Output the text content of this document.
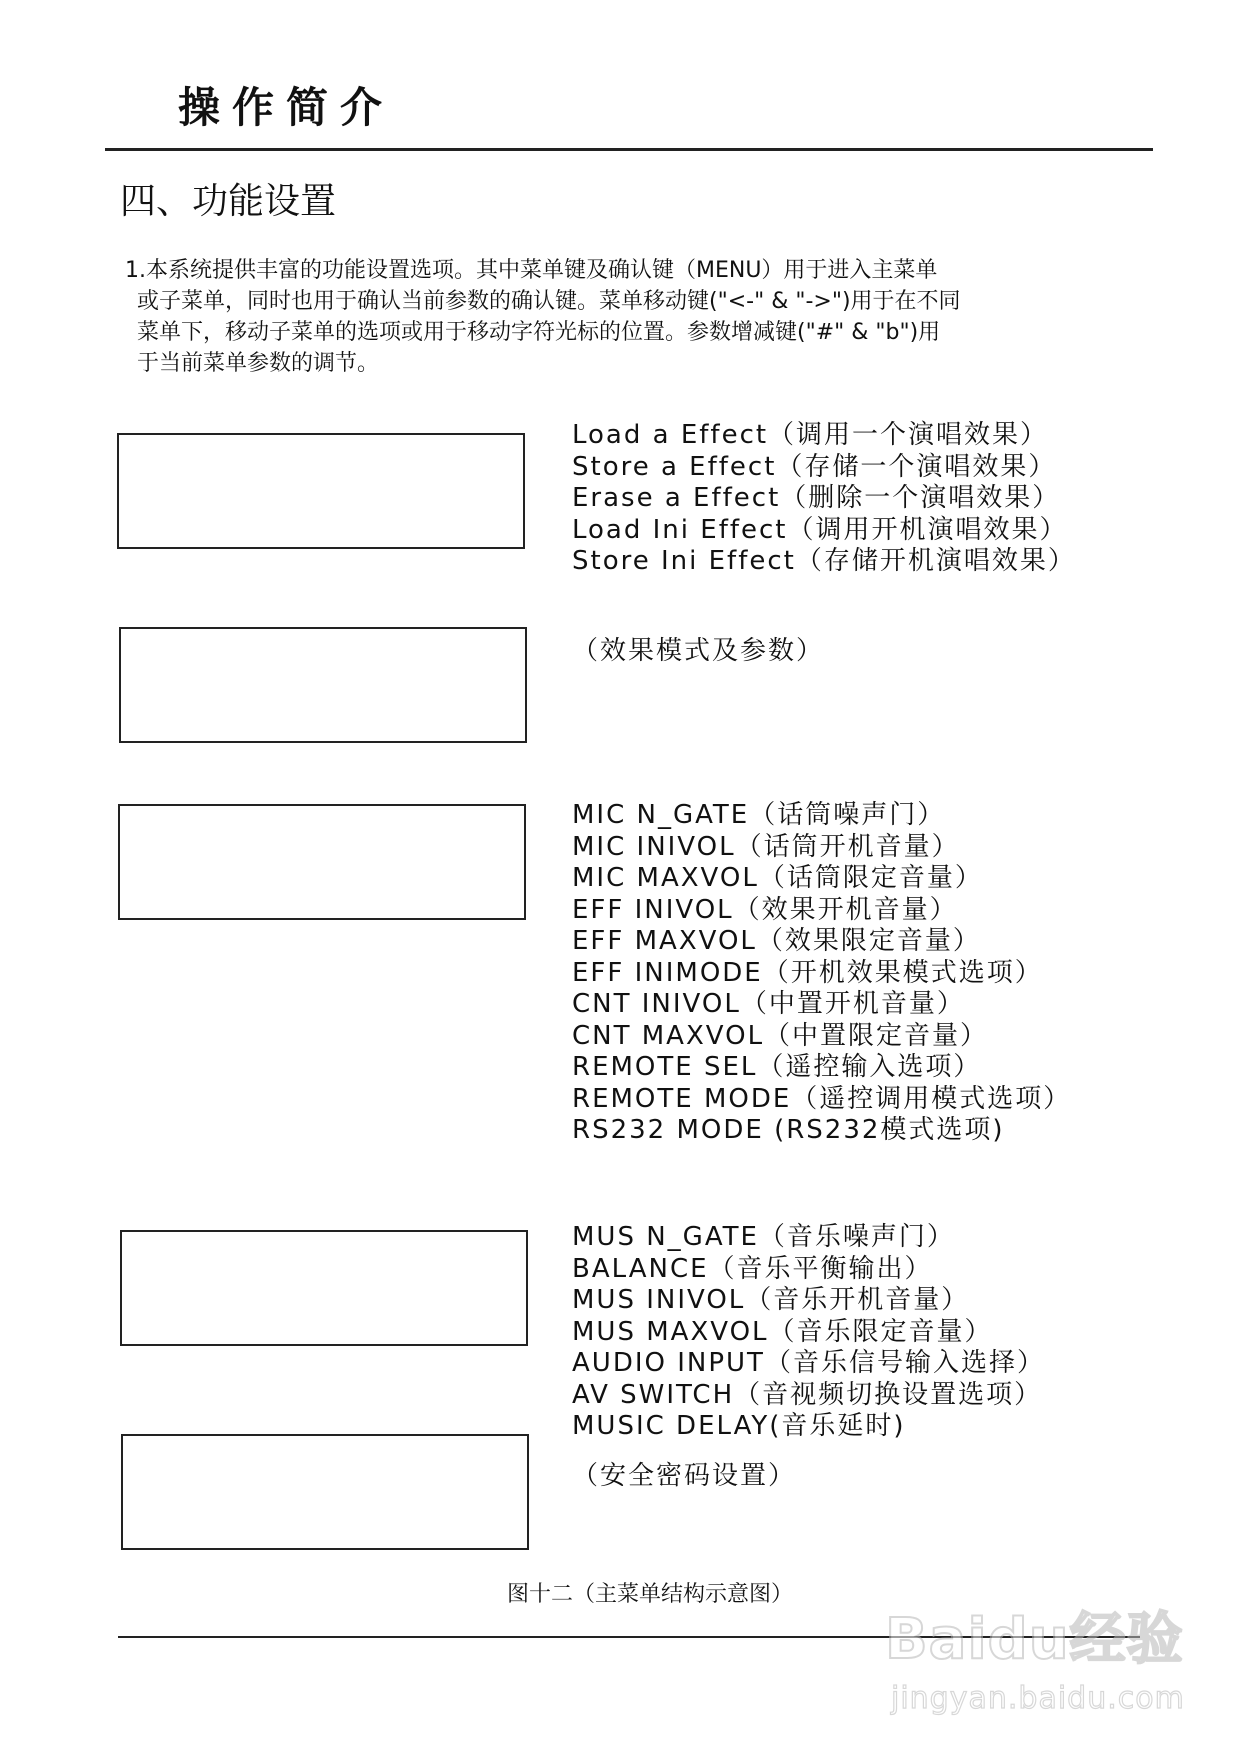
操作简介
四、功能设置
1.本系统提供丰富的功能设置选项。其中菜单键及确认键（MENU）用于进入主菜单
或子菜单，同时也用于确认当前参数的确认键。菜单移动键("<-" & "->")用于在不同
菜单下，移动子菜单的选项或用于移动字符光标的位置。参数增减键("#" & "b")用
于当前菜单参数的调节。
Load a Effect（调用一个演唱效果）
Store a Effect（存储一个演唱效果）
Erase a Effect（删除一个演唱效果）
Load Ini Effect（调用开机演唱效果）
Store Ini Effect（存储开机演唱效果）
（效果模式及参数）
MIC N_GATE（话筒噪声门）
MIC INIVOL（话筒开机音量）
MIC MAXVOL（话筒限定音量）
EFF INIVOL（效果开机音量）
EFF MAXVOL（效果限定音量）
EFF INIMODE（开机效果模式选项）
CNT INIVOL（中置开机音量）
CNT MAXVOL（中置限定音量）
REMOTE SEL（遥控输入选项）
REMOTE MODE（遥控调用模式选项）
RS232 MODE (RS232模式选项)
MUS N_GATE（音乐噪声门）
BALANCE（音乐平衡输出）
MUS INIVOL（音乐开机音量）
MUS MAXVOL（音乐限定音量）
AUDIO INPUT（音乐信号输入选择）
AV SWITCH（音视频切换设置选项）
MUSIC DELAY(音乐延时)
（安全密码设置）
图十二（主菜单结构示意图）
Baidu经验
jingyan.baidu.com
